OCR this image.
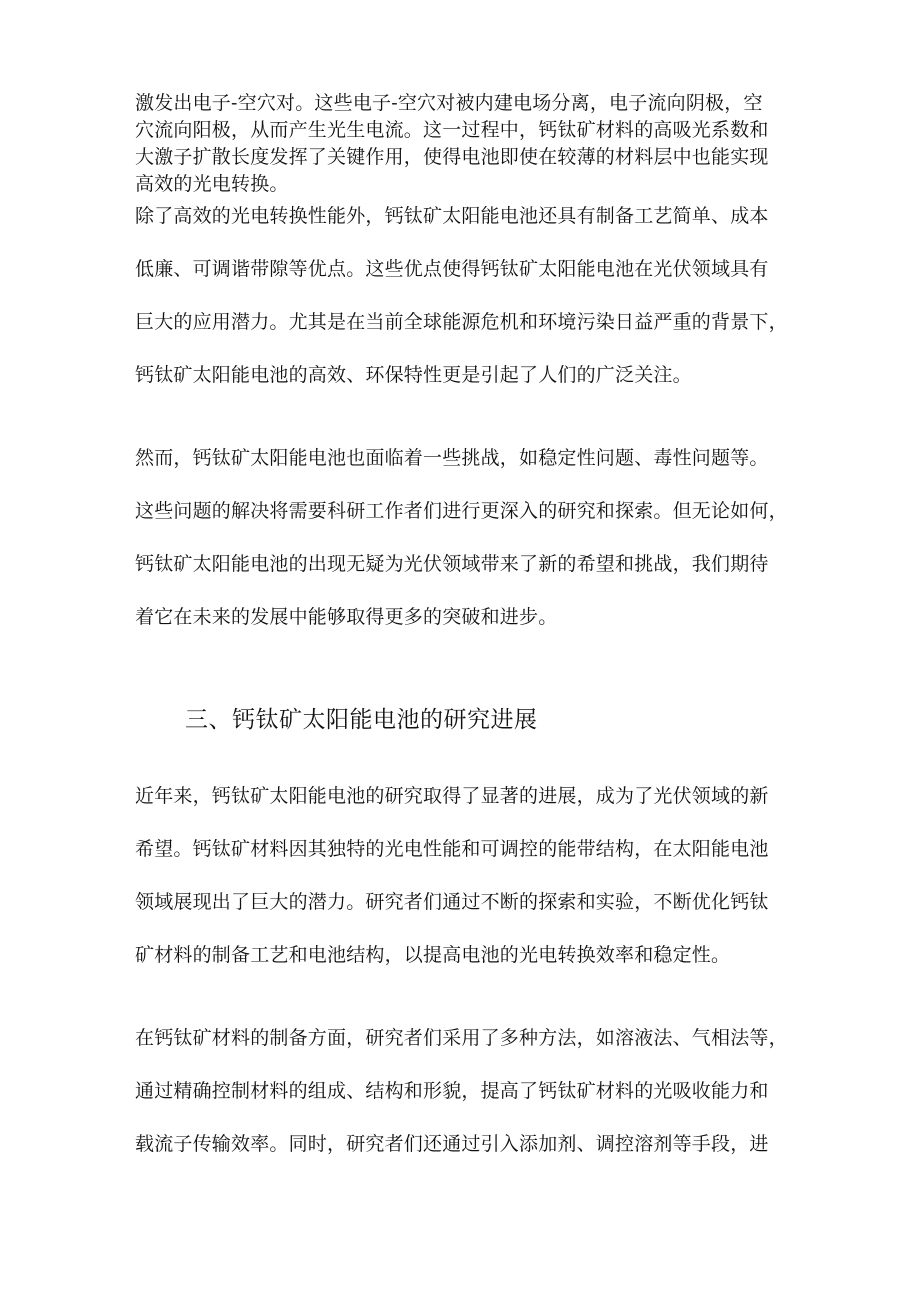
激发出电子-空穴对。这些电子-空穴对被内建电场分离，电子流向阴极，空
穴流向阳极，从而产生光生电流。这一过程中，钙钛矿材料的高吸光系数和
大激子扩散长度发挥了关键作用，使得电池即使在较薄的材料层中也能实现
高效的光电转换。

除了高效的光电转换性能外，钙钛矿太阳能电池还具有制备工艺简单、成本
低廉、可调谐带隙等优点。这些优点使得钙钛矿太阳能电池在光伏领域具有
巨大的应用潜力。尤其是在当前全球能源危机和环境污染日益严重的背景下，
钙钛矿太阳能电池的高效、环保特性更是引起了人们的广泛关注。

然而，钙钛矿太阳能电池也面临着一些挑战，如稳定性问题、毒性问题等。
这些问题的解决将需要科研工作者们进行更深入的研究和探索。但无论如何，
钙钛矿太阳能电池的出现无疑为光伏领域带来了新的希望和挑战，我们期待
着它在未来的发展中能够取得更多的突破和进步。

三、钙钛矿太阳能电池的研究进展

近年来，钙钛矿太阳能电池的研究取得了显著的进展，成为了光伏领域的新
希望。钙钛矿材料因其独特的光电性能和可调控的能带结构，在太阳能电池
领域展现出了巨大的潜力。研究者们通过不断的探索和实验，不断优化钙钛
矿材料的制备工艺和电池结构，以提高电池的光电转换效率和稳定性。

在钙钛矿材料的制备方面，研究者们采用了多种方法，如溶液法、气相法等，
通过精确控制材料的组成、结构和形貌，提高了钙钛矿材料的光吸收能力和
载流子传输效率。同时，研究者们还通过引入添加剂、调控溶剂等手段，进
